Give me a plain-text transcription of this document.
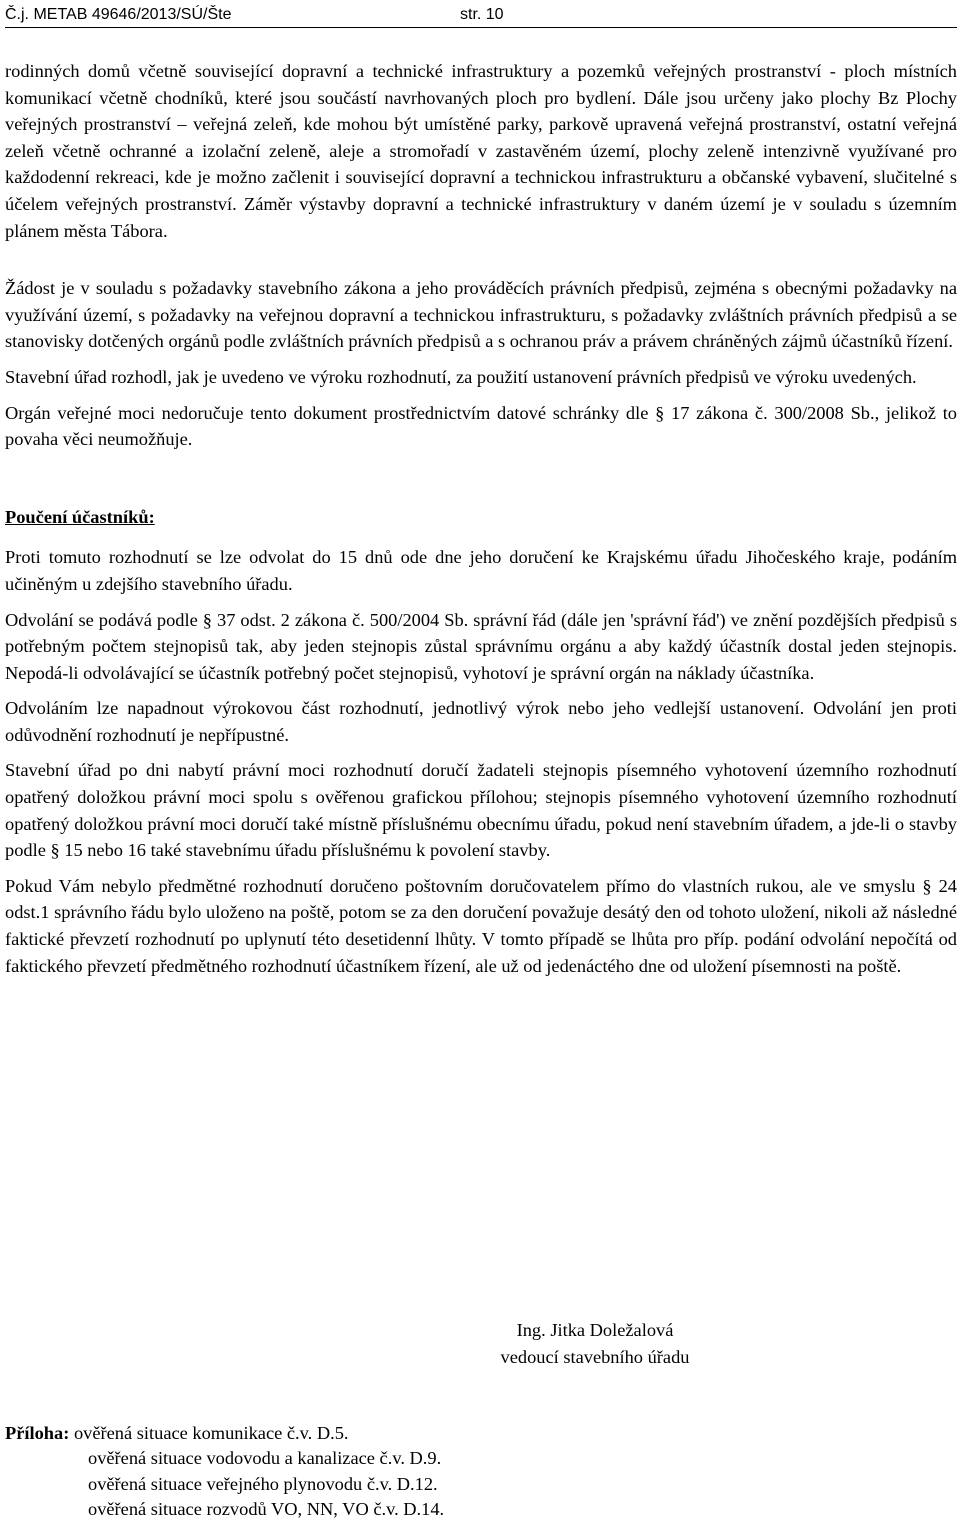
Č.j. METAB 49646/2013/SÚ/Šte	str. 10

rodinných domů včetně související dopravní a technické infrastruktury a pozemků veřejných prostranství - ploch místních komunikací včetně chodníků, které jsou součástí navrhovaných ploch pro bydlení. Dále jsou určeny jako plochy Bz Plochy veřejných prostranství – veřejná zeleň, kde mohou být umístěné parky, parkově upravená veřejná prostranství, ostatní veřejná zeleň včetně ochranné a izolační zeleně, aleje a stromořadí v zastavěném území, plochy zeleně intenzivně využívané pro každodenní rekreaci, kde je možno začlenit i související dopravní a technickou infrastrukturu a občanské vybavení, slučitelné s účelem veřejných prostranství. Záměr výstavby dopravní a technické infrastruktury v daném území je v souladu s územním plánem města Tábora.

Žádost je v souladu s požadavky stavebního zákona a jeho prováděcích právních předpisů, zejména s obecnými požadavky na využívání území, s požadavky na veřejnou dopravní a technickou infrastrukturu, s požadavky zvláštních právních předpisů a se stanovisky dotčených orgánů podle zvláštních právních předpisů a s ochranou práv a právem chráněných zájmů účastníků řízení.

Stavební úřad rozhodl, jak je uvedeno ve výroku rozhodnutí, za použití ustanovení právních předpisů ve výroku uvedených.

Orgán veřejné moci nedoručuje tento dokument prostřednictvím datové schránky dle § 17 zákona č. 300/2008 Sb., jelikož to povaha věci neumožňuje.

Poučení účastníků:

Proti tomuto rozhodnutí se lze odvolat do 15 dnů ode dne jeho doručení ke Krajskému úřadu Jihočeského kraje, podáním učiněným u zdejšího stavebního úřadu.

Odvolání se podává podle § 37 odst. 2 zákona č. 500/2004 Sb. správní řád (dále jen 'správní řád') ve znění pozdějších předpisů s potřebným počtem stejnopisů tak, aby jeden stejnopis zůstal správnímu orgánu a aby každý účastník dostal jeden stejnopis. Nepodá-li odvolávající se účastník potřebný počet stejnopisů, vyhotoví je správní orgán na náklady účastníka.

Odvoláním lze napadnout výrokovou část rozhodnutí, jednotlivý výrok nebo jeho vedlejší ustanovení. Odvolání jen proti odůvodnění rozhodnutí je nepřípustné.

Stavební úřad po dni nabytí právní moci rozhodnutí doručí žadateli stejnopis písemného vyhotovení územního rozhodnutí opatřený doložkou právní moci spolu s ověřenou grafickou přílohou; stejnopis písemného vyhotovení územního rozhodnutí opatřený doložkou právní moci doručí také místně příslušnému obecnímu úřadu, pokud není stavebním úřadem, a jde-li o stavby podle § 15 nebo 16 také stavebnímu úřadu příslušnému k povolení stavby.

Pokud Vám nebylo předmětné rozhodnutí doručeno poštovním doručovatelem přímo do vlastních rukou, ale ve smyslu § 24 odst.1 správního řádu bylo uloženo na poště, potom se za den doručení považuje desátý den od tohoto uložení, nikoli až následné faktické převzetí rozhodnutí po uplynutí této desetidenní lhůty. V tomto případě se lhůta pro příp. podání odvolání nepočítá od faktického převzetí předmětného rozhodnutí účastníkem řízení, ale už od jedenáctého dne od uložení písemnosti na poště.

Ing. Jitka Doležalová
vedoucí stavebního úřadu
Příloha: ověřená situace komunikace č.v. D.5.
ověřená situace vodovodu a kanalizace č.v. D.9.
ověřená situace veřejného plynovodu č.v. D.12.
ověřená situace rozvodů VO, NN, VO č.v. D.14.
